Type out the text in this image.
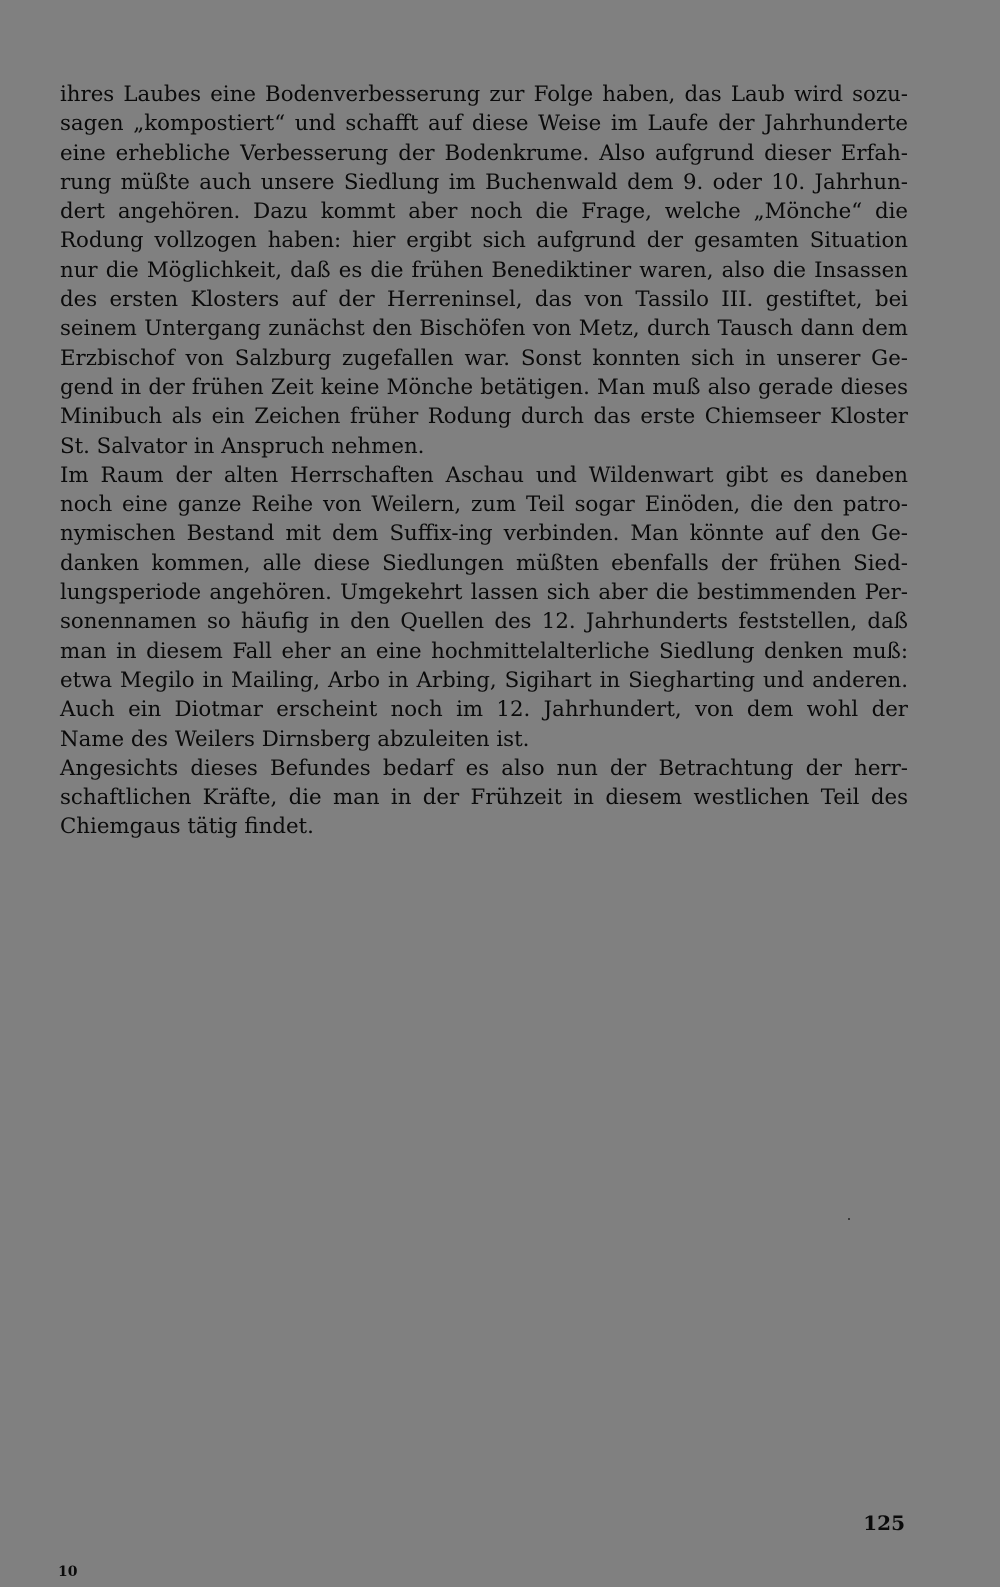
ihres Laubes eine Bodenverbesserung zur Folge haben, das Laub wird sozu-
sagen „kompostiert“ und schafft auf diese Weise im Laufe der Jahrhunderte
eine erhebliche Verbesserung der Bodenkrume. Also aufgrund dieser Erfah-
rung müßte auch unsere Siedlung im Buchenwald dem 9. oder 10. Jahrhun-
dert angehören. Dazu kommt aber noch die Frage, welche „Mönche“ die
Rodung vollzogen haben: hier ergibt sich aufgrund der gesamten Situation
nur die Möglichkeit, daß es die frühen Benediktiner waren, also die Insassen
des ersten Klosters auf der Herreninsel, das von Tassilo III. gestiftet, bei
seinem Untergang zunächst den Bischöfen von Metz, durch Tausch dann dem
Erzbischof von Salzburg zugefallen war. Sonst konnten sich in unserer Ge-
gend in der frühen Zeit keine Mönche betätigen. Man muß also gerade dieses
Minibuch als ein Zeichen früher Rodung durch das erste Chiemseer Kloster
St. Salvator in Anspruch nehmen.

Im Raum der alten Herrschaften Aschau und Wildenwart gibt es daneben
noch eine ganze Reihe von Weilern, zum Teil sogar Einöden, die den patro-
nymischen Bestand mit dem Suffix-ing verbinden. Man könnte auf den Ge-
danken kommen, alle diese Siedlungen müßten ebenfalls der frühen Sied-
lungsperiode angehören. Umgekehrt lassen sich aber die bestimmenden Per-
sonennamen so häufig in den Quellen des 12. Jahrhunderts feststellen, daß
man in diesem Fall eher an eine hochmittelalterliche Siedlung denken muß:
etwa Megilo in Mailing, Arbo in Arbing, Sigihart in Siegharting und anderen.
Auch ein Diotmar erscheint noch im 12. Jahrhundert, von dem wohl der
Name des Weilers Dirnsberg abzuleiten ist.

Angesichts dieses Befundes bedarf es also nun der Betrachtung der herr-
schaftlichen Kräfte, die man in der Frühzeit in diesem westlichen Teil des
Chiemgaus tätig findet.

125
10
